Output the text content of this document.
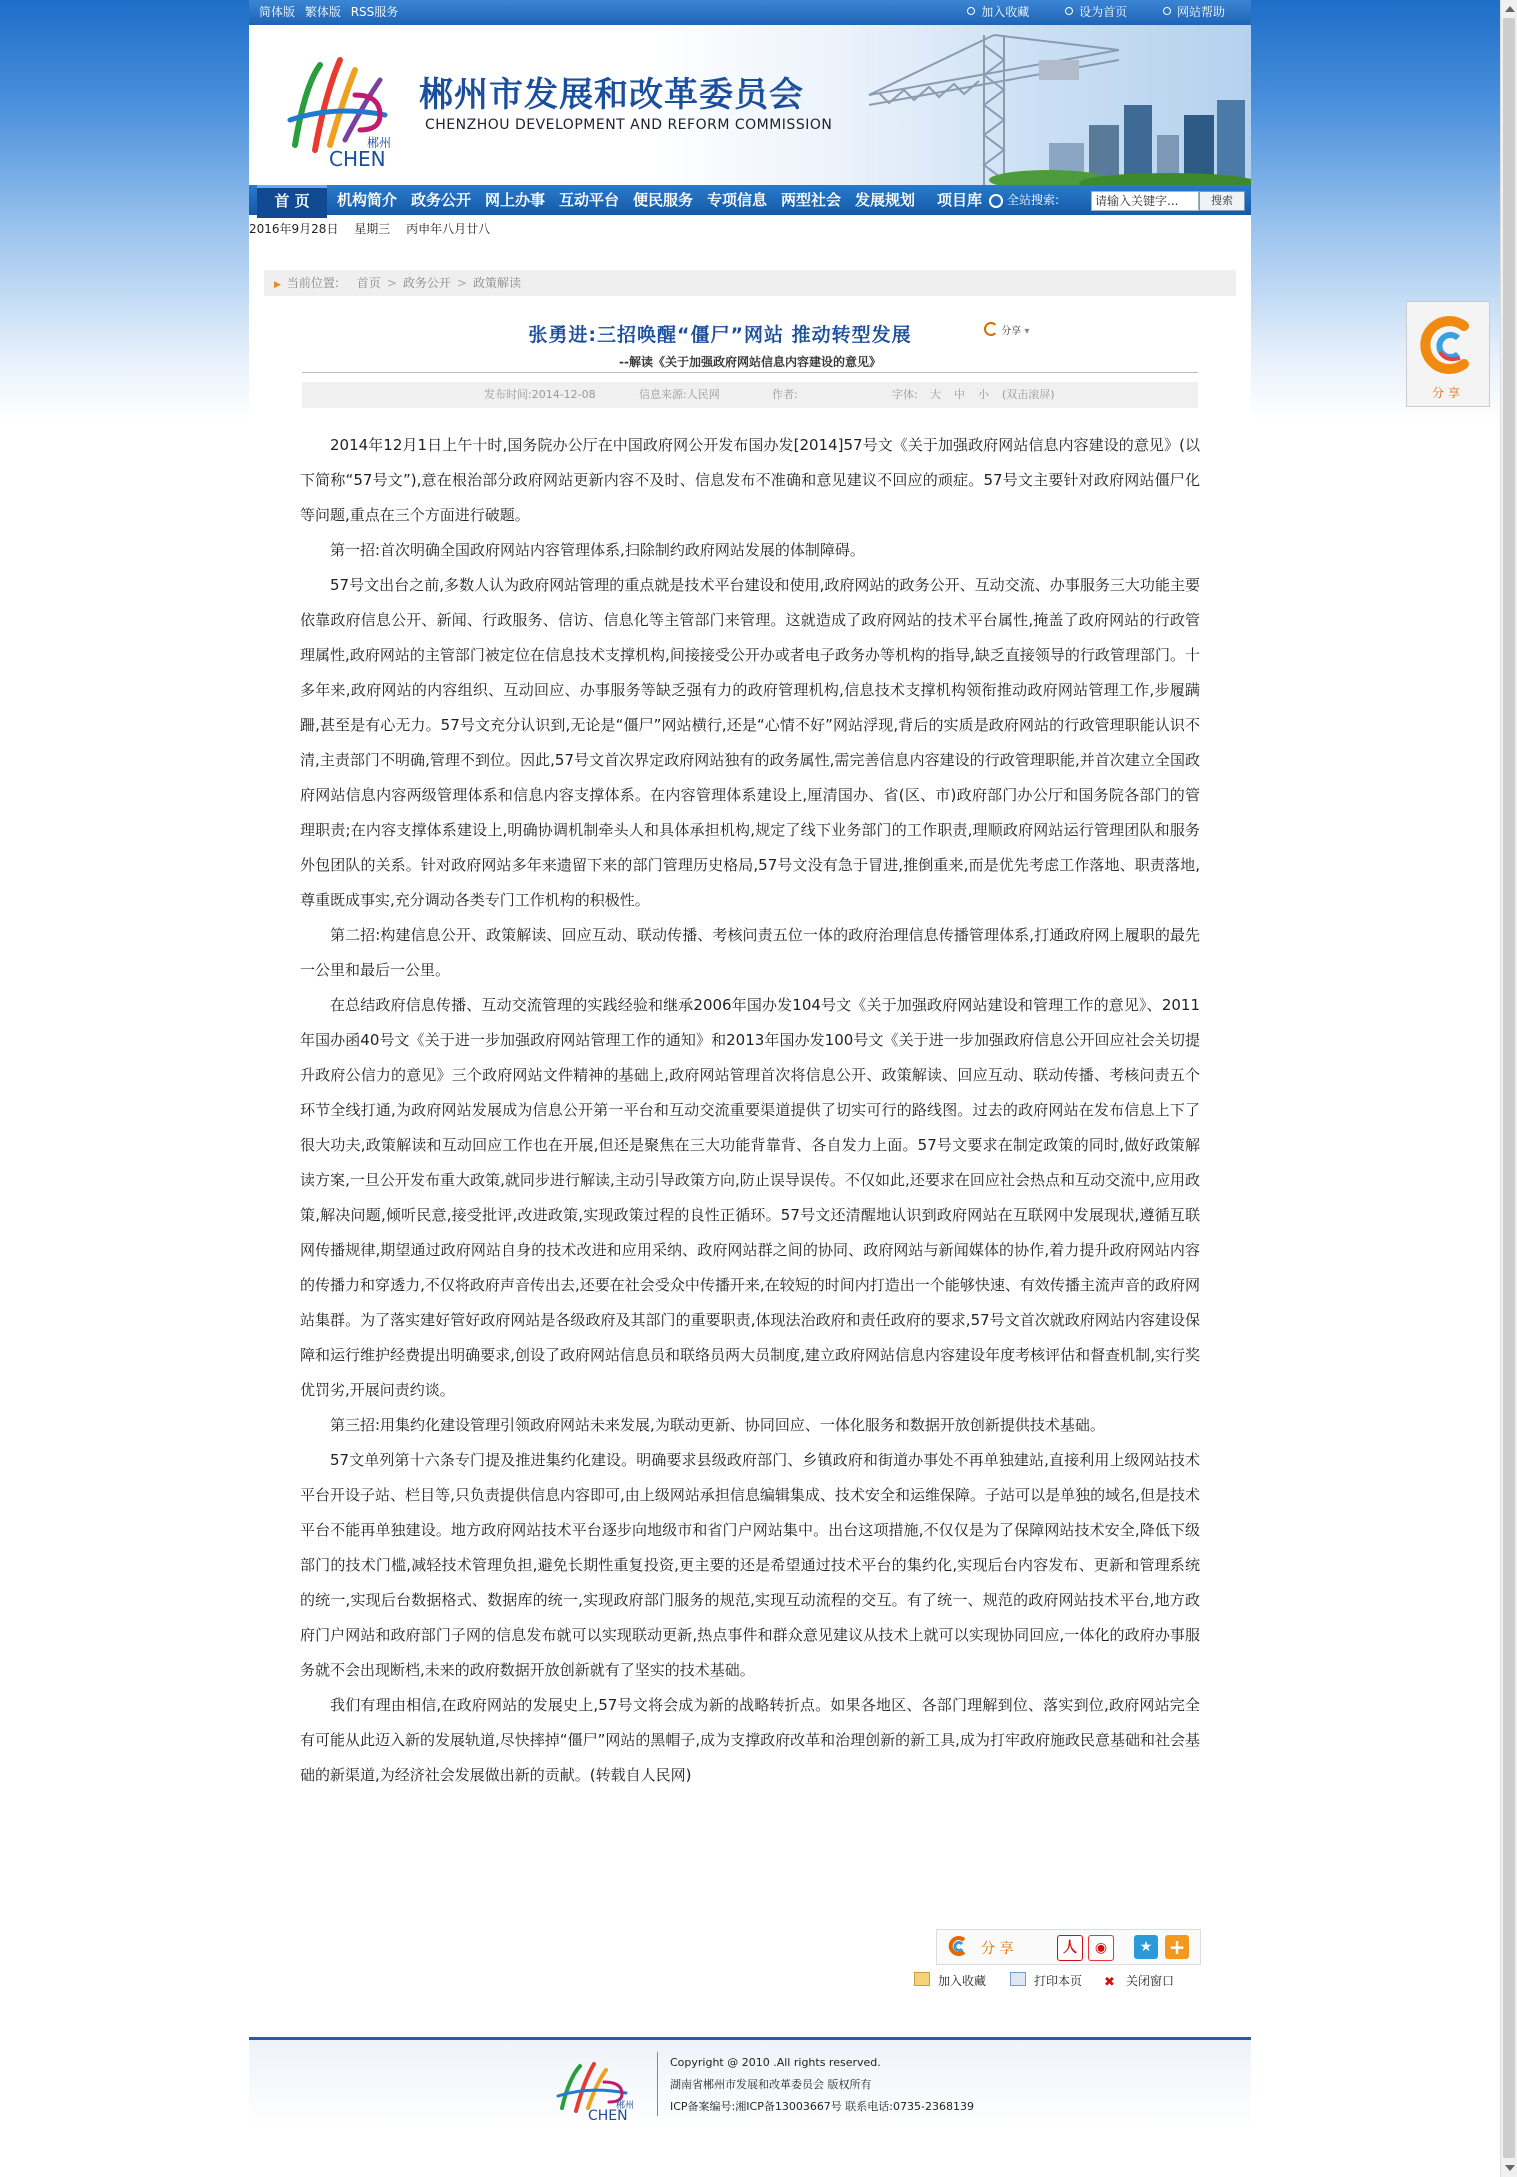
简体版 繁体版 RSS服务	加入收藏	设为首页	网站帮助
郴州
CHEN
郴州市发展和改革委员会
CHENZHOU DEVELOPMENT AND REFORM COMMISSION
首 页	机构简介 政务公开 网上办事 互动平台 便民服务 专项信息 两型社会 发展规划 项目库 全站搜索:	请输入关键字...	搜索
2016年9月28日 星期三 丙申年八月廿八
▶ 当前位置: 首页 > 政务公开 > 政策解读
张勇进:三招唤醒“僵尸”网站 推动转型发展	分享 ▾
--解读《关于加强政府网站信息内容建设的意见》
发布时间:2014-12-08	信息来源:人民网	作者:	字体: 大 中 小 (双击滚屏)

2014年12月1日上午十时,国务院办公厅在中国政府网公开发布国办发[2014]57号文《关于加强政府网站信息内容建设的意见》(以下简称“57号文”),意在根治部分政府网站更新内容不及时、信息发布不准确和意见建议不回应的顽症。57号文主要针对政府网站僵尸化等问题,重点在三个方面进行破题。

第一招:首次明确全国政府网站内容管理体系,扫除制约政府网站发展的体制障碍。

57号文出台之前,多数人认为政府网站管理的重点就是技术平台建设和使用,政府网站的政务公开、互动交流、办事服务三大功能主要依靠政府信息公开、新闻、行政服务、信访、信息化等主管部门来管理。这就造成了政府网站的技术平台属性,掩盖了政府网站的行政管理属性,政府网站的主管部门被定位在信息技术支撑机构,间接接受公开办或者电子政务办等机构的指导,缺乏直接领导的行政管理部门。十多年来,政府网站的内容组织、互动回应、办事服务等缺乏强有力的政府管理机构,信息技术支撑机构领衔推动政府网站管理工作,步履蹒跚,甚至是有心无力。57号文充分认识到,无论是“僵尸”网站横行,还是“心情不好”网站浮现,背后的实质是政府网站的行政管理职能认识不清,主责部门不明确,管理不到位。因此,57号文首次界定政府网站独有的政务属性,需完善信息内容建设的行政管理职能,并首次建立全国政府网站信息内容两级管理体系和信息内容支撑体系。在内容管理体系建设上,厘清国办、省(区、市)政府部门办公厅和国务院各部门的管理职责;在内容支撑体系建设上,明确协调机制牵头人和具体承担机构,规定了线下业务部门的工作职责,理顺政府网站运行管理团队和服务外包团队的关系。针对政府网站多年来遗留下来的部门管理历史格局,57号文没有急于冒进,推倒重来,而是优先考虑工作落地、职责落地,尊重既成事实,充分调动各类专门工作机构的积极性。

第二招:构建信息公开、政策解读、回应互动、联动传播、考核问责五位一体的政府治理信息传播管理体系,打通政府网上履职的最先一公里和最后一公里。

在总结政府信息传播、互动交流管理的实践经验和继承2006年国办发104号文《关于加强政府网站建设和管理工作的意见》、2011年国办函40号文《关于进一步加强政府网站管理工作的通知》和2013年国办发100号文《关于进一步加强政府信息公开回应社会关切提升政府公信力的意见》三个政府网站文件精神的基础上,政府网站管理首次将信息公开、政策解读、回应互动、联动传播、考核问责五个环节全线打通,为政府网站发展成为信息公开第一平台和互动交流重要渠道提供了切实可行的路线图。过去的政府网站在发布信息上下了很大功夫,政策解读和互动回应工作也在开展,但还是聚焦在三大功能背靠背、各自发力上面。57号文要求在制定政策的同时,做好政策解读方案,一旦公开发布重大政策,就同步进行解读,主动引导政策方向,防止误导误传。不仅如此,还要求在回应社会热点和互动交流中,应用政策,解决问题,倾听民意,接受批评,改进政策,实现政策过程的良性正循环。57号文还清醒地认识到政府网站在互联网中发展现状,遵循互联网传播规律,期望通过政府网站自身的技术改进和应用采纳、政府网站群之间的协同、政府网站与新闻媒体的协作,着力提升政府网站内容的传播力和穿透力,不仅将政府声音传出去,还要在社会受众中传播开来,在较短的时间内打造出一个能够快速、有效传播主流声音的政府网站集群。为了落实建好管好政府网站是各级政府及其部门的重要职责,体现法治政府和责任政府的要求,57号文首次就政府网站内容建设保障和运行维护经费提出明确要求,创设了政府网站信息员和联络员两大员制度,建立政府网站信息内容建设年度考核评估和督查机制,实行奖优罚劣,开展问责约谈。

第三招:用集约化建设管理引领政府网站未来发展,为联动更新、协同回应、一体化服务和数据开放创新提供技术基础。

57文单列第十六条专门提及推进集约化建设。明确要求县级政府部门、乡镇政府和街道办事处不再单独建站,直接利用上级网站技术平台开设子站、栏目等,只负责提供信息内容即可,由上级网站承担信息编辑集成、技术安全和运维保障。子站可以是单独的域名,但是技术平台不能再单独建设。地方政府网站技术平台逐步向地级市和省门户网站集中。出台这项措施,不仅仅是为了保障网站技术安全,降低下级部门的技术门槛,减轻技术管理负担,避免长期性重复投资,更主要的还是希望通过技术平台的集约化,实现后台内容发布、更新和管理系统的统一,实现后台数据格式、数据库的统一,实现政府部门服务的规范,实现互动流程的交互。有了统一、规范的政府网站技术平台,地方政府门户网站和政府部门子网的信息发布就可以实现联动更新,热点事件和群众意见建议从技术上就可以实现协同回应,一体化的政府办事服务就不会出现断档,未来的政府数据开放创新就有了坚实的技术基础。

我们有理由相信,在政府网站的发展史上,57号文将会成为新的战略转折点。如果各地区、各部门理解到位、落实到位,政府网站完全有可能从此迈入新的发展轨道,尽快摔掉“僵尸”网站的黑帽子,成为支撑政府改革和治理创新的新工具,成为打牢政府施政民意基础和社会基础的新渠道,为经济社会发展做出新的贡献。(转载自人民网)

分 享	人	◉	★ +
加入收藏	打印本页 ✖ 关闭窗口
郴州
CHEN
Copyright @ 2010 .All rights reserved.
湖南省郴州市发展和改革委员会 版权所有
ICP备案编号:湘ICP备13003667号 联系电话:0735-2368139
分享
